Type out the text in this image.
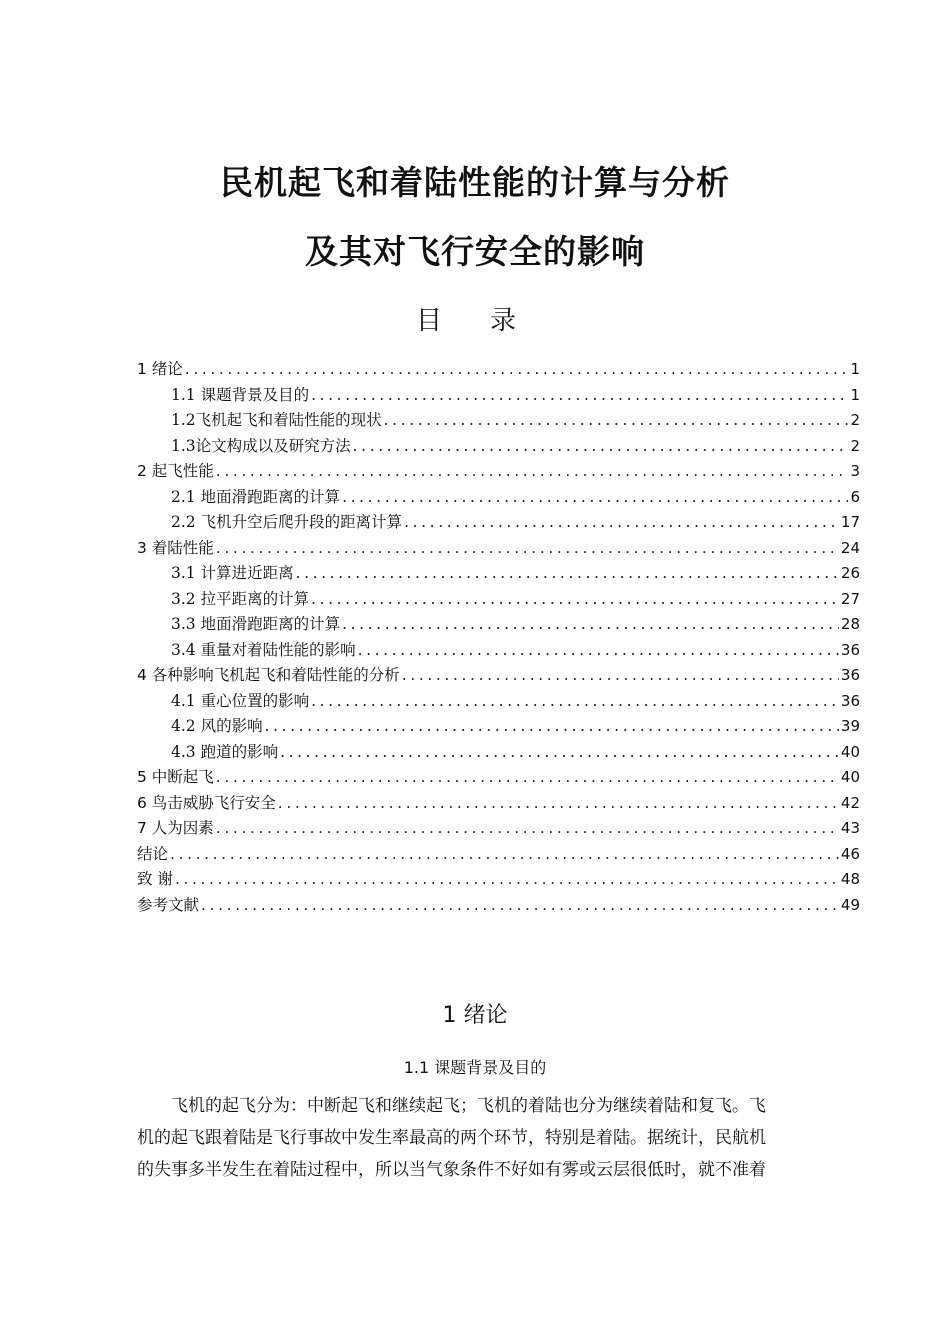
民机起飞和着陆性能的计算与分析
及其对飞行安全的影响
目录
1 绪论 .....	1
1.1 课题背景及目的 .....	1
1.2飞机起飞和着陆性能的现状 .....	2
1.3论文构成以及研究方法 .....	2
2 起飞性能 .....	3
2.1 地面滑跑距离的计算 .....	6
2.2 飞机升空后爬升段的距离计算 .....	17
3 着陆性能 .....	24
3.1 计算进近距离 .....	26
3.2 拉平距离的计算 .....	27
3.3 地面滑跑距离的计算 .....	28
3.4 重量对着陆性能的影响 .....	36
4 各种影响飞机起飞和着陆性能的分析 .....	36
4.1 重心位置的影响 .....	36
4.2 风的影响 .....	39
4.3 跑道的影响 .....	40
5 中断起飞 .....	40
6 鸟击威胁飞行安全 .....	42
7 人为因素 .....	43
结论 .....	46
致 谢 .....	48
参考文献 .....	49
1 绪论
1.1 课题背景及目的
飞机的起飞分为：中断起飞和继续起飞；飞机的着陆也分为继续着陆和复飞。飞
机的起飞跟着陆是飞行事故中发生率最高的两个环节，特别是着陆。据统计，民航机
的失事多半发生在着陆过程中，所以当气象条件不好如有雾或云层很低时，就不准着
